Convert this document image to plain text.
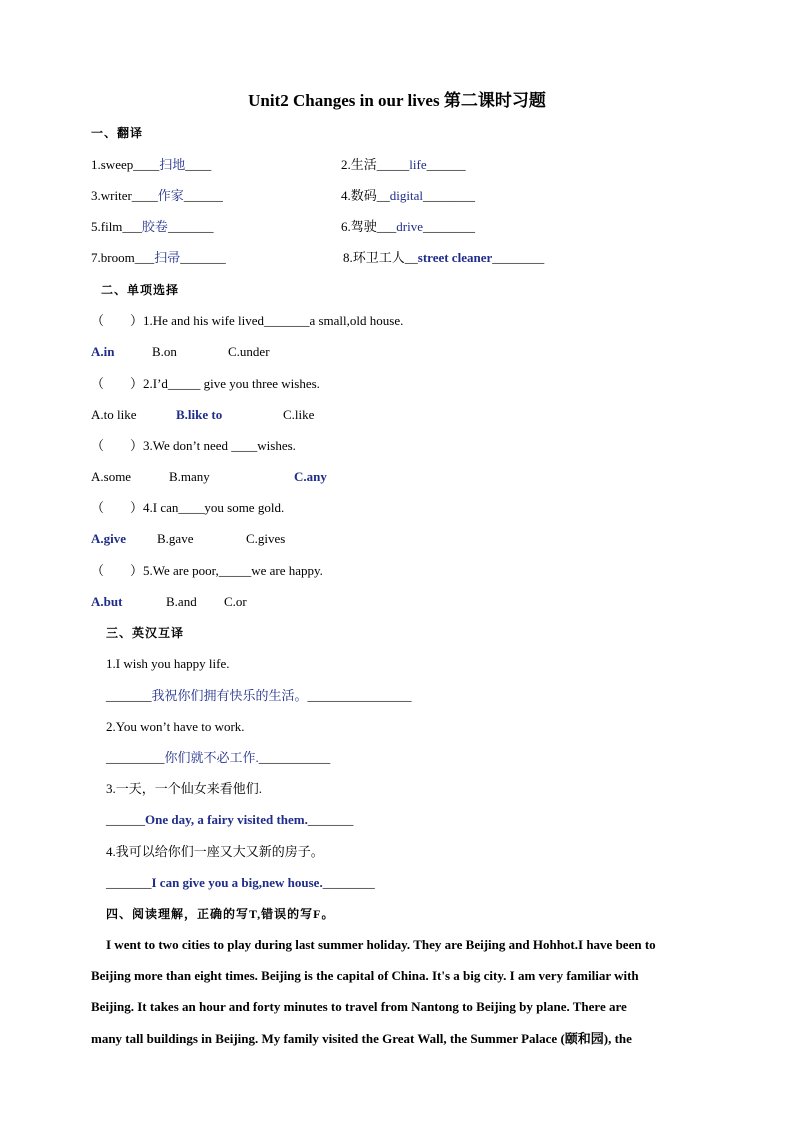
Unit2 Changes in our lives 第二课时习题
一、翻译
1.sweep____扫地____	2.生活_____life______
3.writer____作家______	4.数码__digital________
5.film___胶卷_______	6.驾驶___drive________
7.broom___扫帚_______	8.环卫工人__street cleaner________
二、单项选择
（　　）1.He and his wife lived_______a small,old house.
A.in	B.on	C.under
（　　）2.I’d_____ give you three wishes.
A.to like	B.like to	C.like
（　　）3.We don’t need ____wishes.
A.some	B.many	C.any
（　　）4.I can____you some gold.
A.give B.gave	C.gives
（　　）5.We are poor,_____we are happy.
A.but	B.and C.or
三、英汉互译
1.I wish you happy life.
_______我祝你们拥有快乐的生活。________________
2.You won’t have to work.
_________你们就不必工作.___________
3.一天，一个仙女来看他们.
______One day, a fairy visited them._______
4.我可以给你们一座又大又新的房子。
_______I can give you a big,new house.________
四、阅读理解，正确的写T,错误的写F。
I went to two cities to play during last summer holiday. They are Beijing and Hohhot.I have been to
Beijing more than eight times. Beijing is the capital of China. It's a big city. I am very familiar with
Beijing. It takes an hour and forty minutes to travel from Nantong to Beijing by plane. There are
many tall buildings in Beijing. My family visited the Great Wall, the Summer Palace (颐和园), the
